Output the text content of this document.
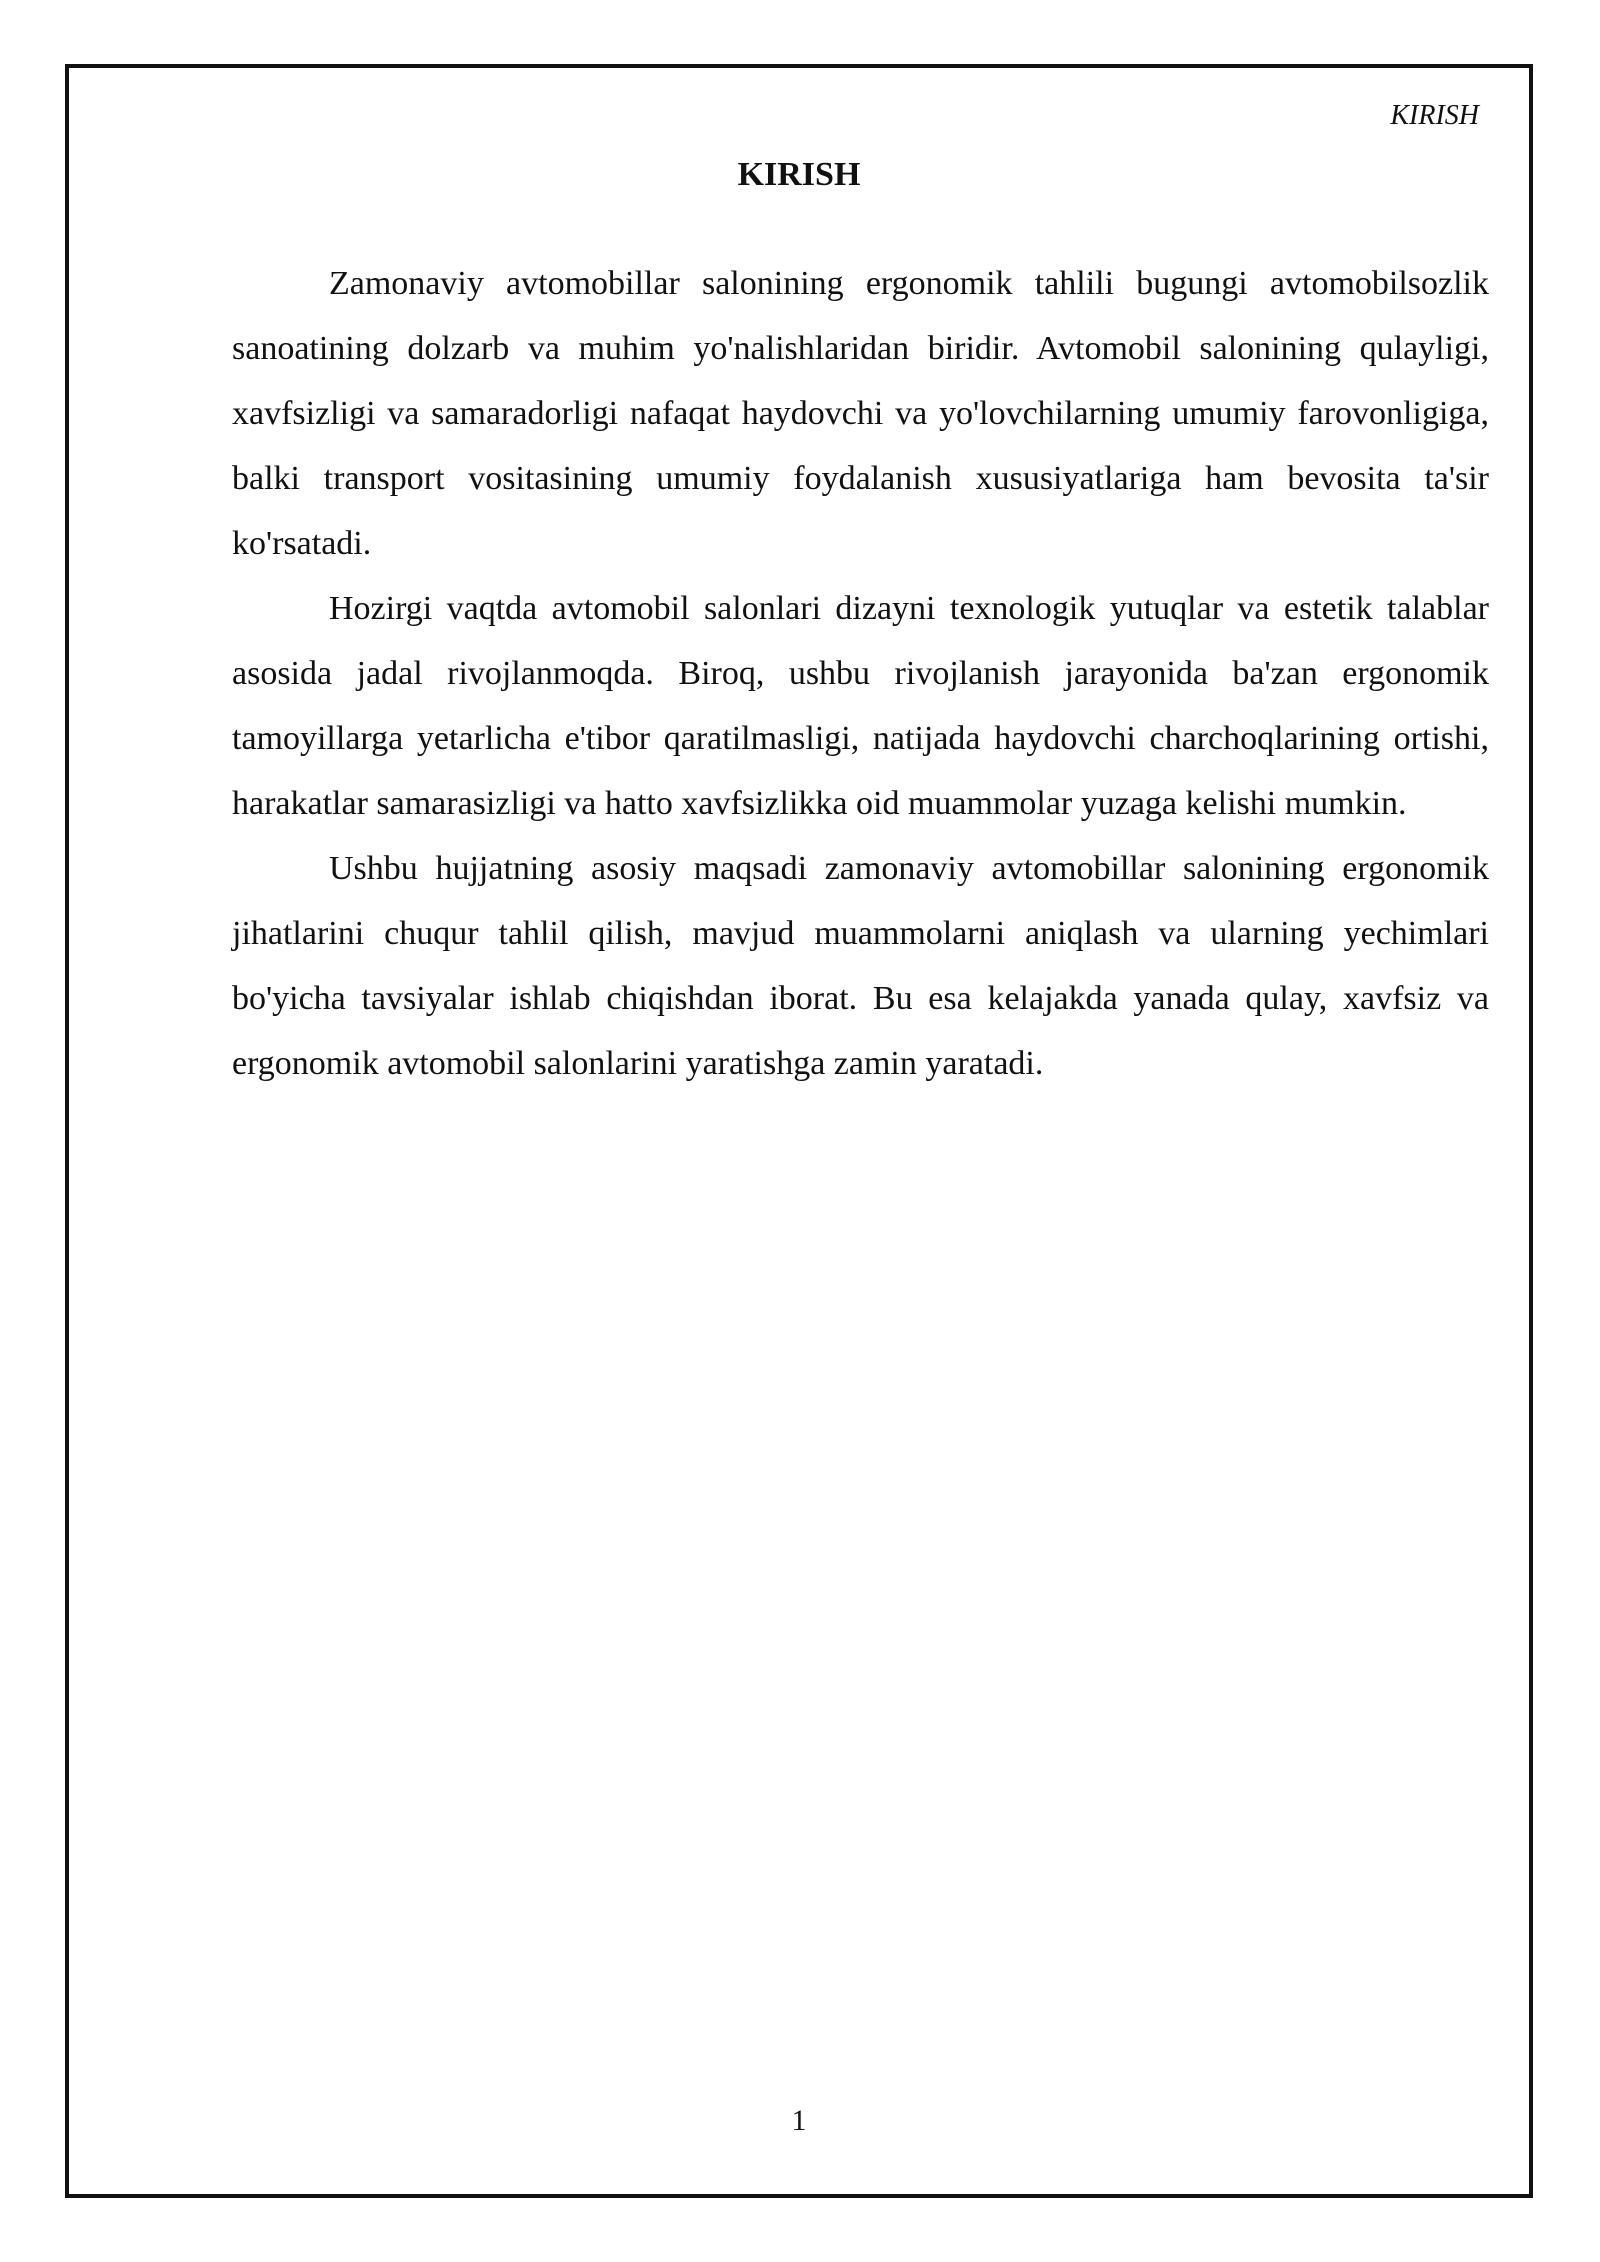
KIRISH
KIRISH

Zamonaviy avtomobillar salonining ergonomik tahlili bugungi avtomobilsozlik sanoatining dolzarb va muhim yo'nalishlaridan biridir. Avtomobil salonining qulayligi, xavfsizligi va samaradorligi nafaqat haydovchi va yo'lovchilarning umumiy farovonligiga, balki transport vositasining umumiy foydalanish xususiyatlariga ham bevosita ta'sir ko'rsatadi.

Hozirgi vaqtda avtomobil salonlari dizayni texnologik yutuqlar va estetik talablar asosida jadal rivojlanmoqda. Biroq, ushbu rivojlanish jarayonida ba'zan ergonomik tamoyillarga yetarlicha e'tibor qaratilmasligi, natijada haydovchi charchoqlarining ortishi, harakatlar samarasizligi va hatto xavfsizlikka oid muammolar yuzaga kelishi mumkin.

Ushbu hujjatning asosiy maqsadi zamonaviy avtomobillar salonining ergonomik jihatlarini chuqur tahlil qilish, mavjud muammolarni aniqlash va ularning yechimlari bo'yicha tavsiyalar ishlab chiqishdan iborat. Bu esa kelajakda yanada qulay, xavfsiz va ergonomik avtomobil salonlarini yaratishga zamin yaratadi.

1
